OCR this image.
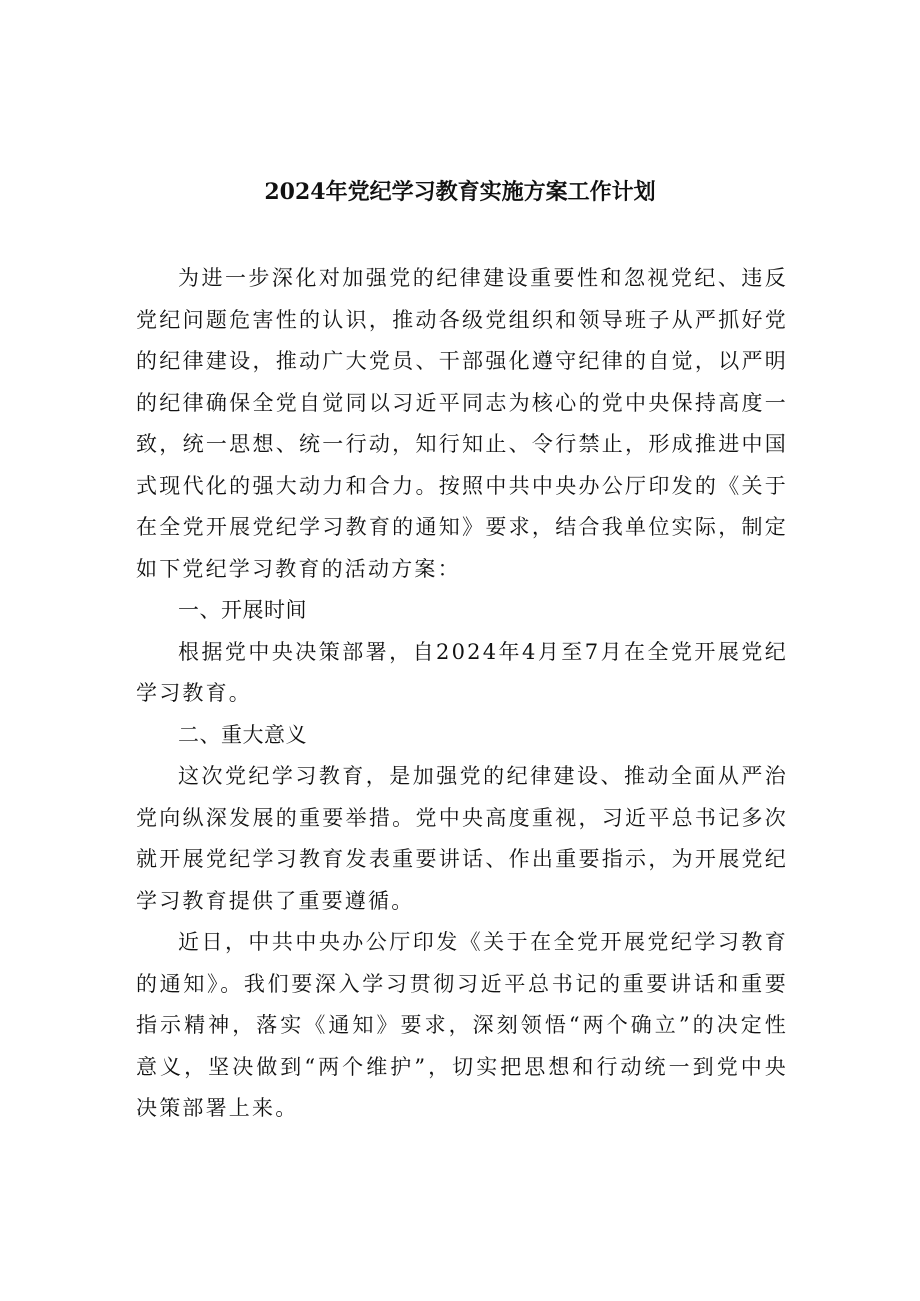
2024年党纪学习教育实施方案工作计划

为进一步深化对加强党的纪律建设重要性和忽视党纪、违反党纪问题危害性的认识，推动各级党组织和领导班子从严抓好党的纪律建设，推动广大党员、干部强化遵守纪律的自觉，以严明的纪律确保全党自觉同以习近平同志为核心的党中央保持高度一致，统一思想、统一行动，知行知止、令行禁止，形成推进中国式现代化的强大动力和合力。按照中共中央办公厅印发的《关于在全党开展党纪学习教育的通知》要求，结合我单位实际，制定如下党纪学习教育的活动方案：

一、开展时间

根据党中央决策部署，自2024年4月至7月在全党开展党纪学习教育。

二、重大意义

这次党纪学习教育，是加强党的纪律建设、推动全面从严治党向纵深发展的重要举措。党中央高度重视，习近平总书记多次就开展党纪学习教育发表重要讲话、作出重要指示，为开展党纪学习教育提供了重要遵循。

近日，中共中央办公厅印发《关于在全党开展党纪学习教育的通知》。我们要深入学习贯彻习近平总书记的重要讲话和重要指示精神，落实《通知》要求，深刻领悟“两个确立”的决定性意义，坚决做到“两个维护”，切实把思想和行动统一到党中央决策部署上来。
